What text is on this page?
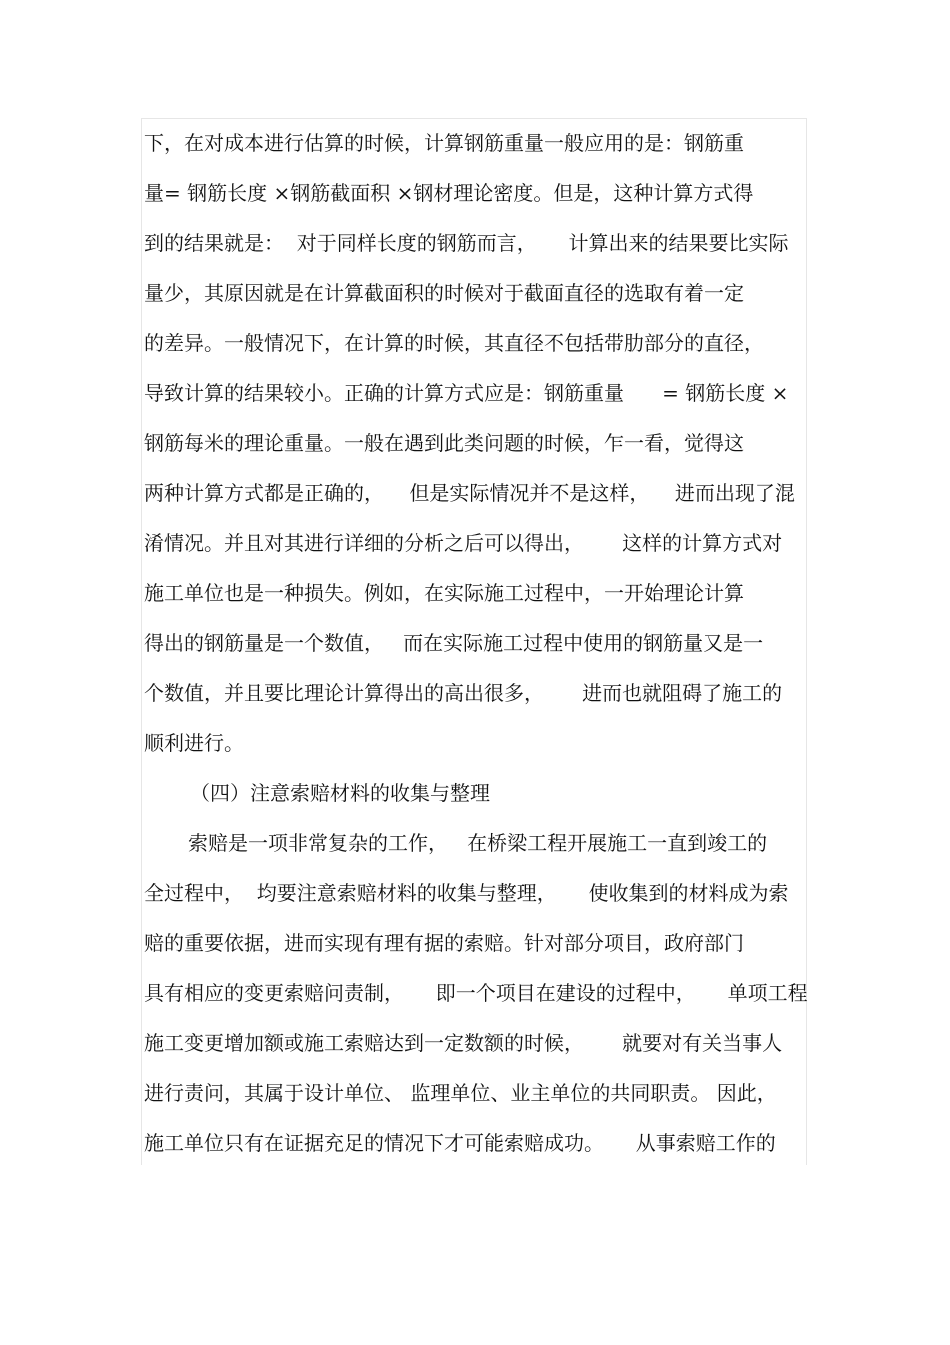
下，在对成本进行估算的时候，计算钢筋重量一般应用的是：钢筋重
量= 钢筋长度 ×钢筋截面积 ×钢材理论密度。但是，这种计算方式得
到的结果就是：  对于同样长度的钢筋而言，     计算出来的结果要比实际
量少，其原因就是在计算截面积的时候对于截面直径的选取有着一定
的差异。一般情况下，在计算的时候，其直径不包括带肋部分的直径，
导致计算的结果较小。正确的计算方式应是：钢筋重量      = 钢筋长度 ×
钢筋每米的理论重量。一般在遇到此类问题的时候，乍一看，觉得这
两种计算方式都是正确的，    但是实际情况并不是这样，    进而出现了混
淆情况。并且对其进行详细的分析之后可以得出，      这样的计算方式对
施工单位也是一种损失。例如，在实际施工过程中，一开始理论计算
得出的钢筋量是一个数值，   而在实际施工过程中使用的钢筋量又是一
个数值，并且要比理论计算得出的高出很多，      进而也就阻碍了施工的
顺利进行。
（四）注意索赔材料的收集与整理
索赔是一项非常复杂的工作，   在桥梁工程开展施工一直到竣工的
全过程中，  均要注意索赔材料的收集与整理，     使收集到的材料成为索
赔的重要依据，进而实现有理有据的索赔。针对部分项目，政府部门
具有相应的变更索赔问责制，     即一个项目在建设的过程中，     单项工程
施工变更增加额或施工索赔达到一定数额的时候，      就要对有关当事人
进行责问，其属于设计单位、 监理单位、业主单位的共同职责。 因此，
施工单位只有在证据充足的情况下才可能索赔成功。     从事索赔工作的
